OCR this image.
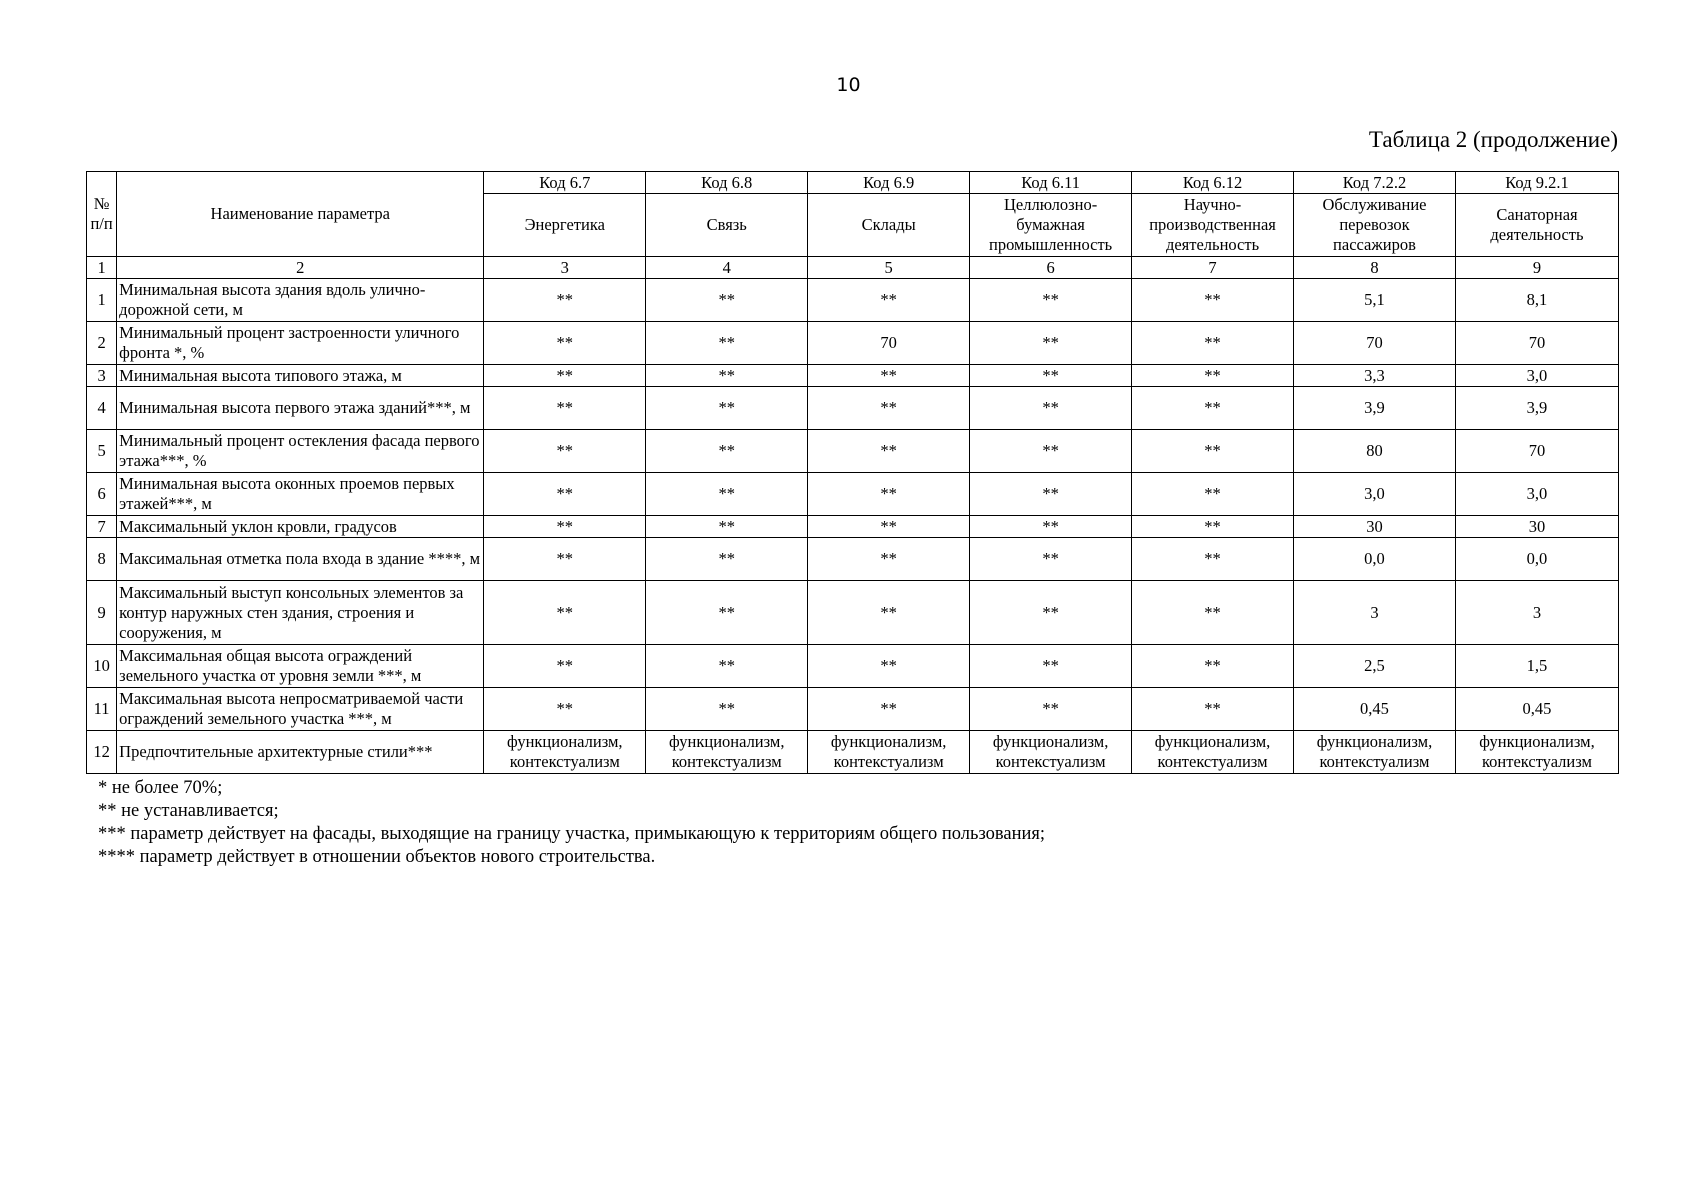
10
Таблица 2 (продолжение)
№ п/п	Наименование параметра	Код 6.7	Код 6.8	Код 6.9	Код 6.11	Код 6.12	Код 7.2.2	Код 9.2.1
		Энергетика	Связь	Склады	Целлюлозно-бумажная промышленность	Научно-производственная деятельность	Обслуживание перевозок пассажиров	Санаторная деятельность
1	2	3	4	5	6	7	8	9
1	Минимальная высота здания вдоль улично-дорожной сети, м	**	**	**	**	**	5,1	8,1
2	Минимальный процент застроенности уличного фронта *, %	**	**	70	**	**	70	70
3	Минимальная высота типового этажа, м	**	**	**	**	**	3,3	3,0
4	Минимальная высота первого этажа зданий***, м	**	**	**	**	**	3,9	3,9
5	Минимальный процент остекления фасада первого этажа***, %	**	**	**	**	**	80	70
6	Минимальная высота оконных проемов первых этажей***, м	**	**	**	**	**	3,0	3,0
7	Максимальный уклон кровли, градусов	**	**	**	**	**	30	30
8	Максимальная отметка пола входа в здание ****, м	**	**	**	**	**	0,0	0,0
9	Максимальный выступ консольных элементов за контур наружных стен здания, строения и сооружения, м	**	**	**	**	**	3	3
10	Максимальная общая высота ограждений земельного участка от уровня земли ***, м	**	**	**	**	**	2,5	1,5
11	Максимальная высота непросматриваемой части ограждений земельного участка ***, м	**	**	**	**	**	0,45	0,45
12	Предпочтительные архитектурные стили***	функционализм, контекстуализм	функционализм, контекстуализм	функционализм, контекстуализм	функционализм, контекстуализм	функционализм, контекстуализм	функционализм, контекстуализм	функционализм, контекстуализм
* не более 70%;
** не устанавливается;
*** параметр действует на фасады, выходящие на границу участка, примыкающую к территориям общего пользования;
**** параметр действует в отношении объектов нового строительства.
